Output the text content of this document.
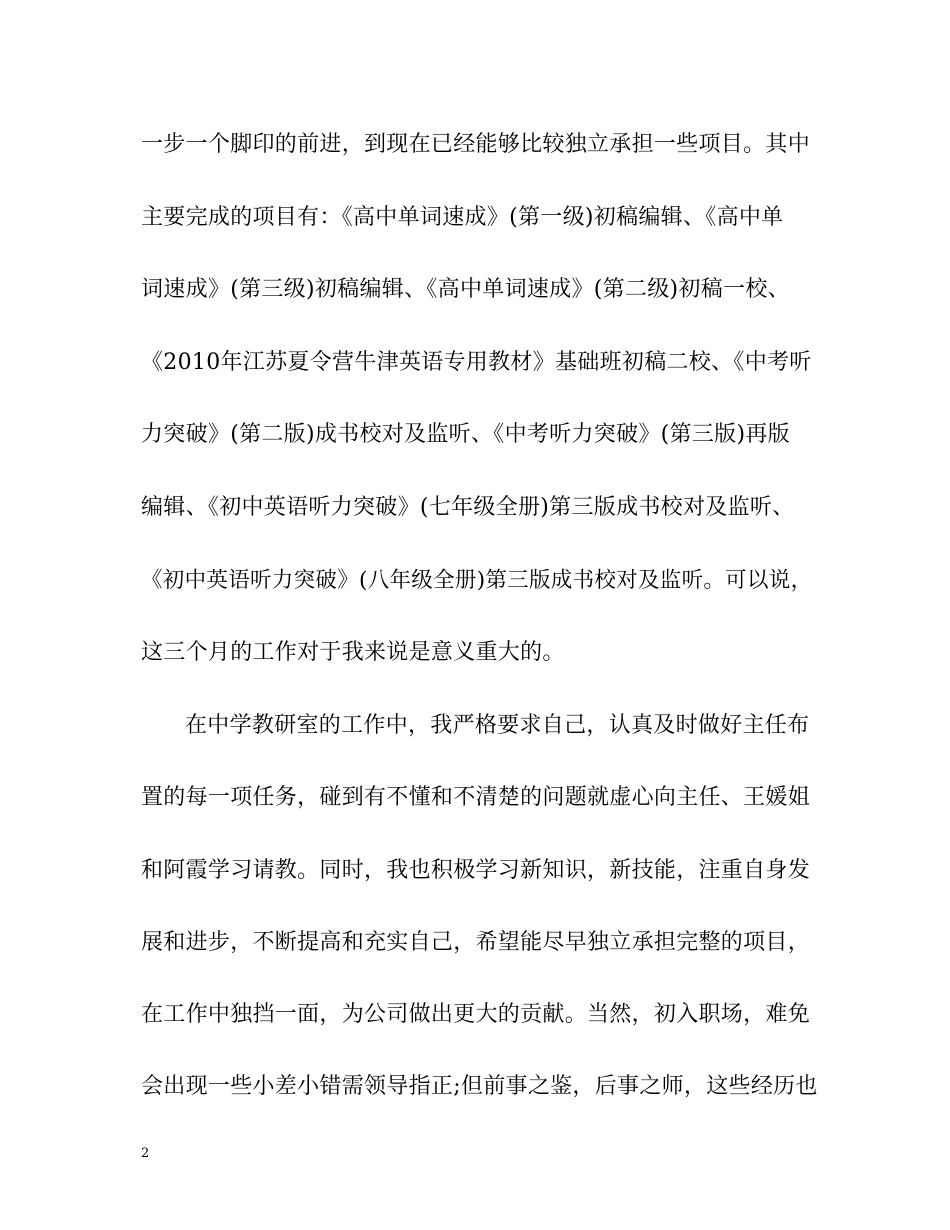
一步一个脚印的前进，到现在已经能够比较独立承担一些项目。其中
主要完成的项目有：《高中单词速成》(第一级)初稿编辑、《高中单
词速成》(第三级)初稿编辑、《高中单词速成》(第二级)初稿一校、
《2010年江苏夏令营牛津英语专用教材》基础班初稿二校、《中考听
力突破》(第二版)成书校对及监听、《中考听力突破》(第三版)再版
编辑、《初中英语听力突破》(七年级全册)第三版成书校对及监听、
《初中英语听力突破》(八年级全册)第三版成书校对及监听。可以说，
这三个月的工作对于我来说是意义重大的。
在中学教研室的工作中，我严格要求自己，认真及时做好主任布
置的每一项任务，碰到有不懂和不清楚的问题就虚心向主任、王媛姐
和阿霞学习请教。同时，我也积极学习新知识，新技能，注重自身发
展和进步，不断提高和充实自己，希望能尽早独立承担完整的项目，
在工作中独挡一面，为公司做出更大的贡献。当然，初入职场，难免
会出现一些小差小错需领导指正;但前事之鉴，后事之师，这些经历也
2
